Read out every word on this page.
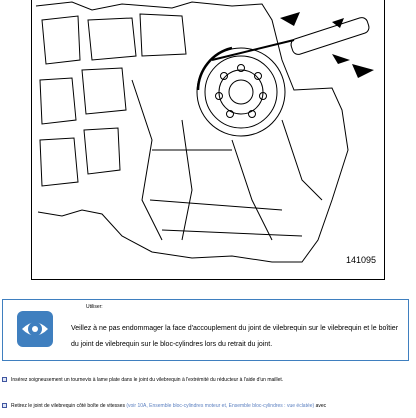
141095
Utiliser:
Veillez à ne pas endommager la face d'accouplement du joint de vilebrequin sur le vilebrequin et le boîtier du joint de vilebrequin sur le bloc-cylindres lors du retrait du joint.
Insérez soigneusement un tournevis à lame plate dans le joint du vilebrequin à l'extrémité du réducteur à l'aide d'un maillet.
Retirez le joint de vilebrequin côté boîte de vitesses (voir 10A, Ensemble bloc-cylindres moteur et, Ensemble bloc-cylindres : vue éclatée) avec
